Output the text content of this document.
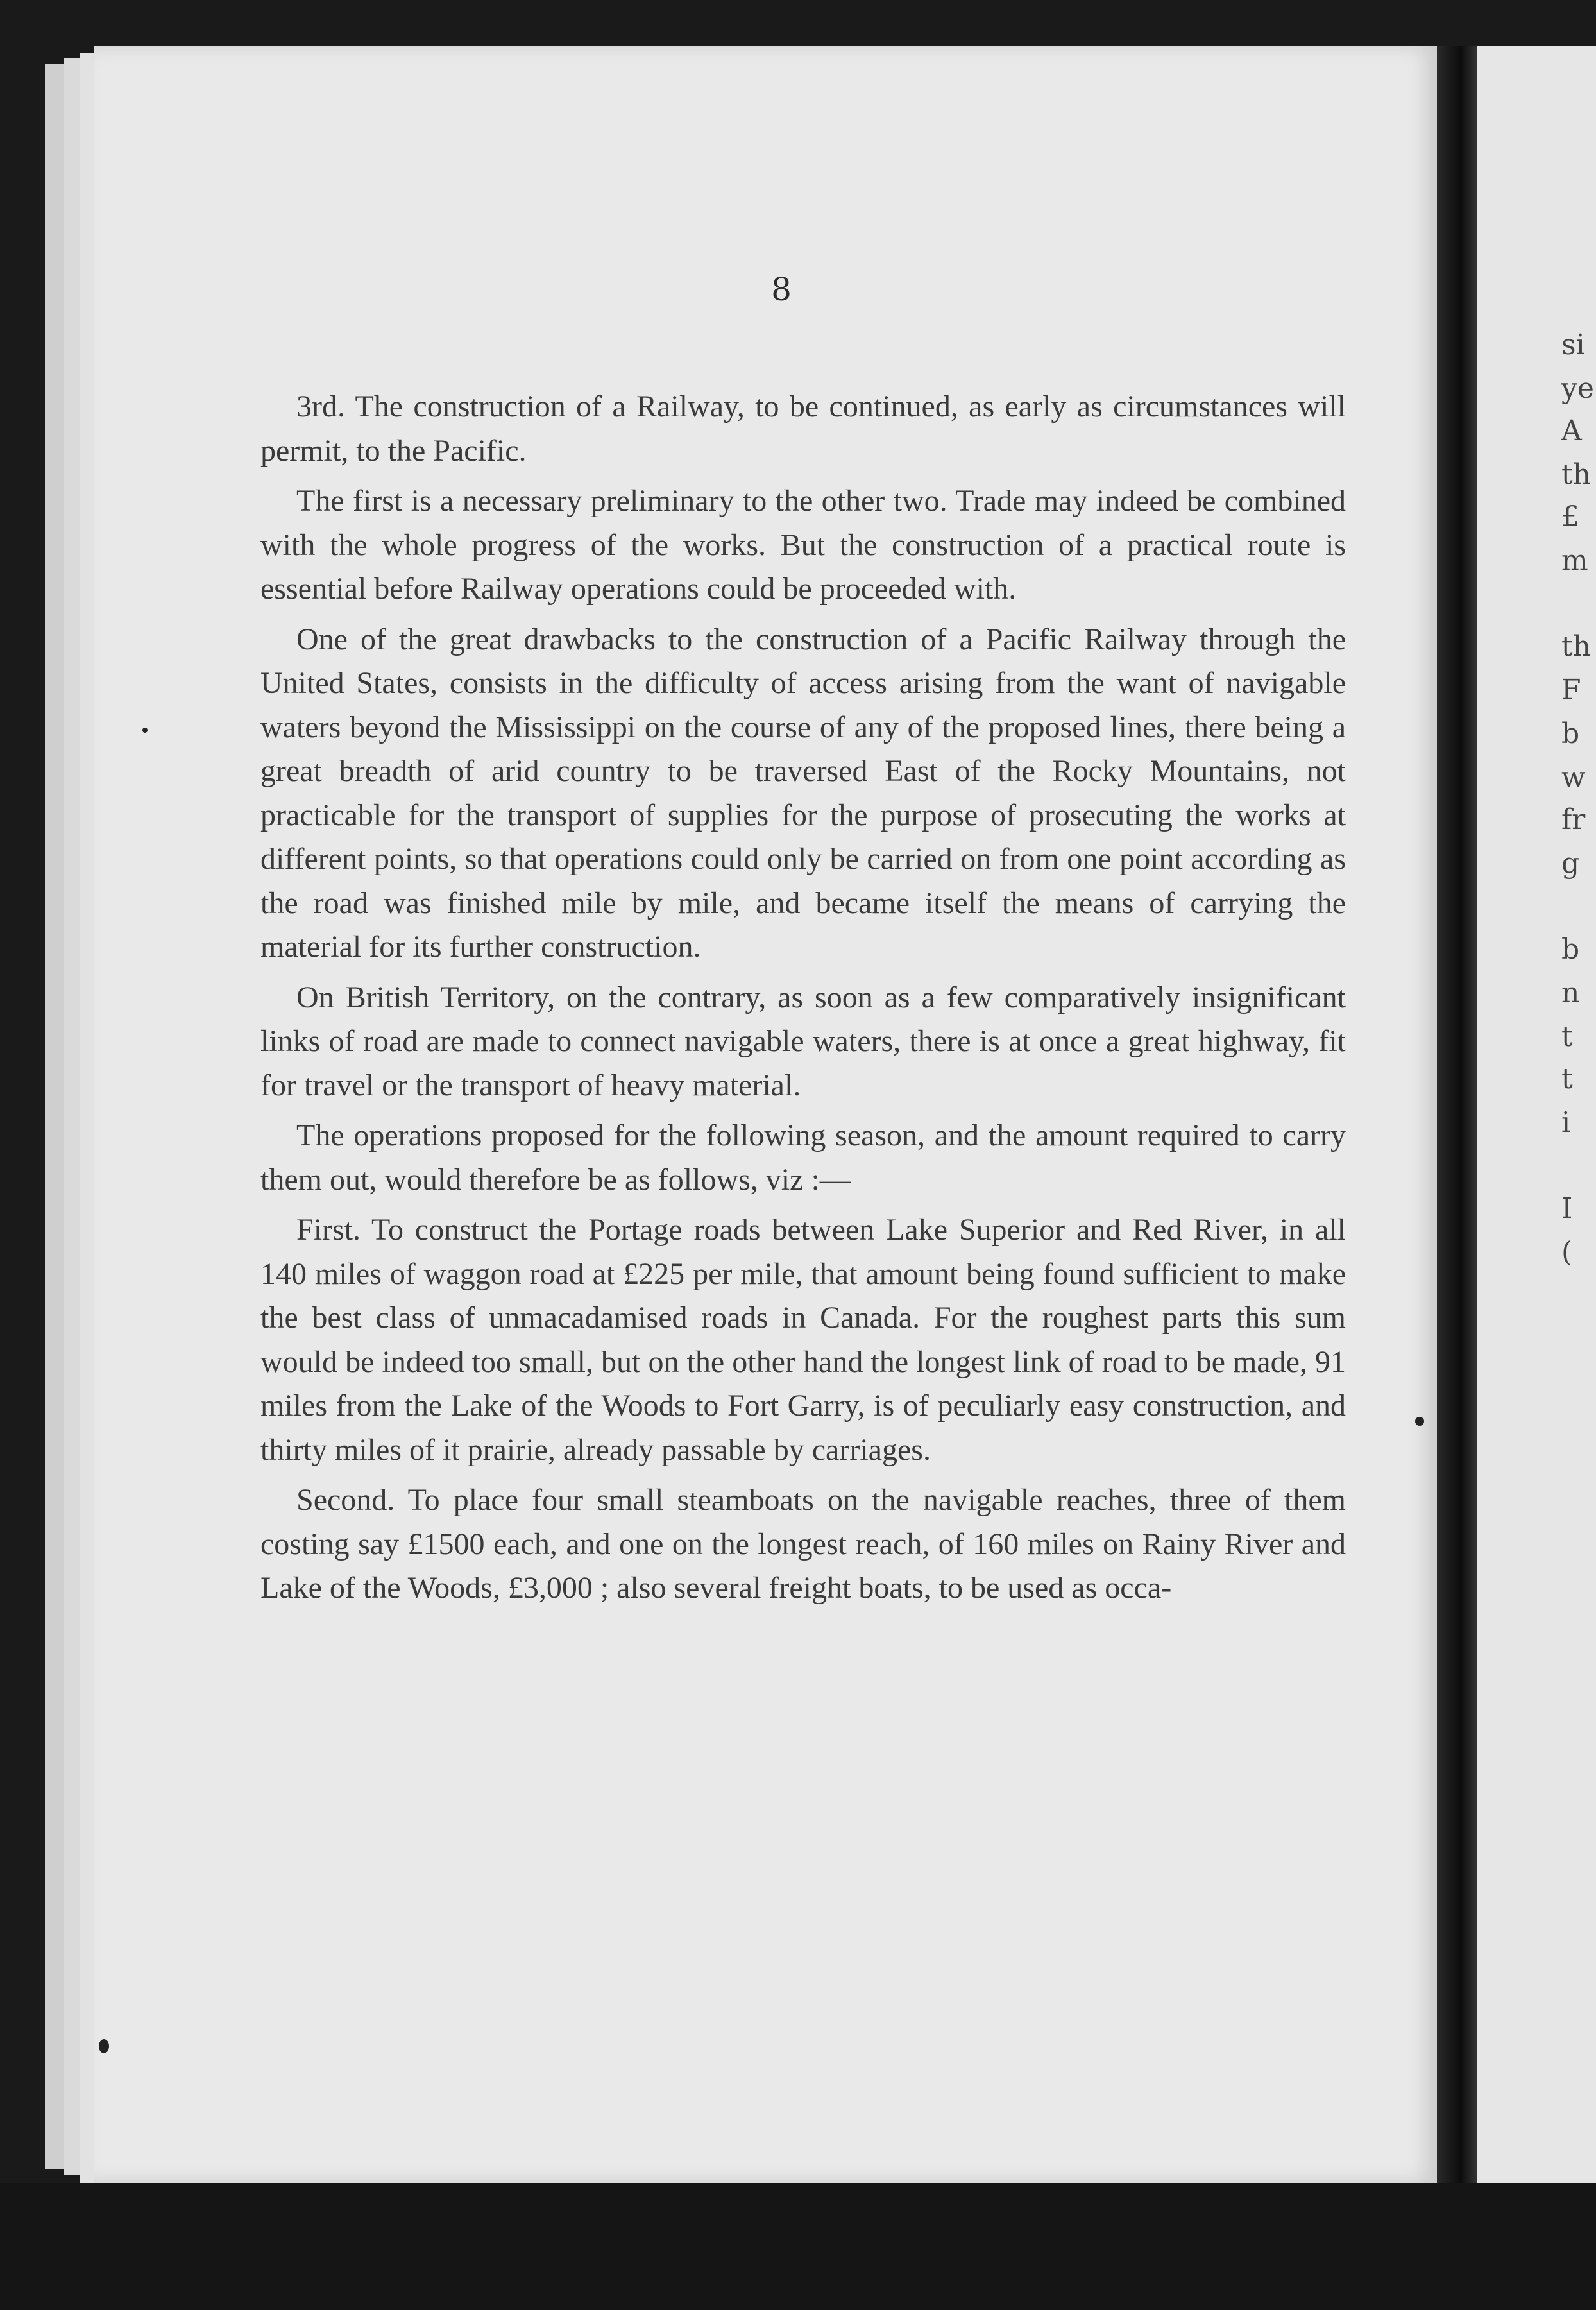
8

3rd. The construction of a Railway, to be continued, as early as circumstances will permit, to the Pacific.

The first is a necessary preliminary to the other two. Trade may indeed be combined with the whole progress of the works. But the construction of a practical route is essential before Railway operations could be proceeded with.

One of the great drawbacks to the construction of a Pacific Railway through the United States, consists in the difficulty of access arising from the want of navigable waters beyond the Mississippi on the course of any of the proposed lines, there being a great breadth of arid country to be traversed East of the Rocky Mountains, not practicable for the transport of supplies for the purpose of prosecuting the works at different points, so that operations could only be carried on from one point according as the road was finished mile by mile, and became itself the means of carrying the material for its further construction.

On British Territory, on the contrary, as soon as a few comparatively insignificant links of road are made to connect navigable waters, there is at once a great highway, fit for travel or the transport of heavy material.

The operations proposed for the following season, and the amount required to carry them out, would therefore be as follows, viz :—

First. To construct the Portage roads between Lake Superior and Red River, in all 140 miles of waggon road at £225 per mile, that amount being found sufficient to make the best class of unmacadamised roads in Canada. For the roughest parts this sum would be indeed too small, but on the other hand the longest link of road to be made, 91 miles from the Lake of the Woods to Fort Garry, is of peculiarly easy construction, and thirty miles of it prairie, already passable by carriages.

Second. To place four small steamboats on the navigable reaches, three of them costing say £1500 each, and one on the longest reach, of 160 miles on Rainy River and Lake of the Woods, £3,000 ; also several freight boats, to be used as occa-

si
ye
A
th
£
m
th
F
b
w
fr
g
b
n
t
t
i
I
(
